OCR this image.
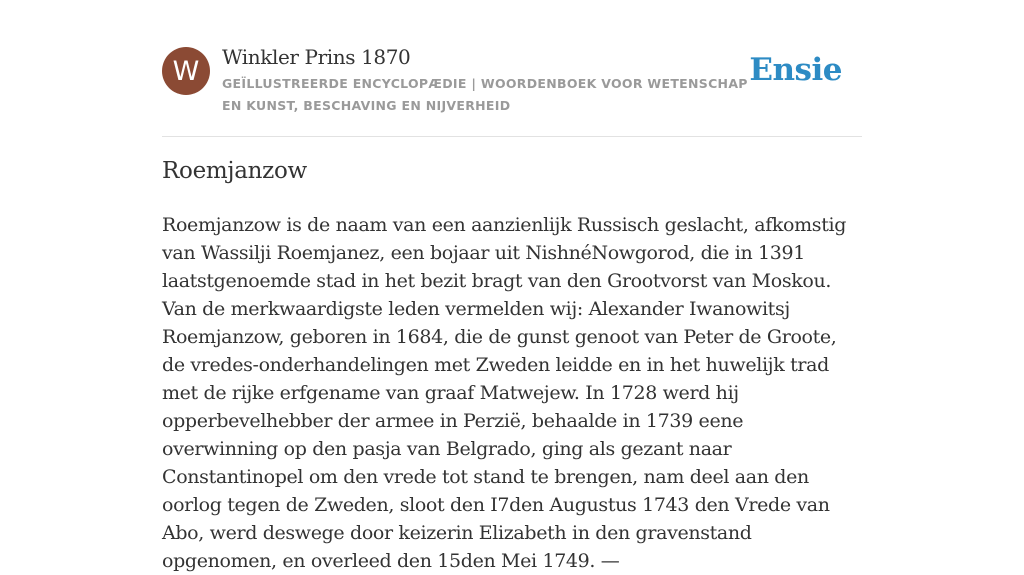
W Winkler Prins 1870
GEÏLLUSTREERDE ENCYCLOPÆDIE | WOORDENBOEK VOOR WETENSCHAP EN KUNST, BESCHAVING EN NIJVERHEID
Ensie
Roemjanzow

Roemjanzow is de naam van een aanzienlijk Russisch geslacht, afkomstig van Wassilji Roemjanez, een bojaar uit NishnéNowgorod, die in 1391 laatstgenoemde stad in het bezit bragt van den Grootvorst van Moskou. Van de merkwaardigste leden vermelden wij: Alexander Iwanowitsj Roemjanzow, geboren in 1684, die de gunst genoot van Peter de Groote, de vredes-onderhandelingen met Zweden leidde en in het huwelijk trad met de rijke erfgename van graaf Matwejew. In 1728 werd hij opperbevelhebber der armee in Perzië, behaalde in 1739 eene overwinning op den pasja van Belgrado, ging als gezant naar Constantinopel om den vrede tot stand te brengen, nam deel aan den oorlog tegen de Zweden, sloot den I7den Augustus 1743 den Vrede van Abo, werd deswege door keizerin Elizabeth in den gravenstand opgenomen, en overleed den 15den Mei 1749. —
